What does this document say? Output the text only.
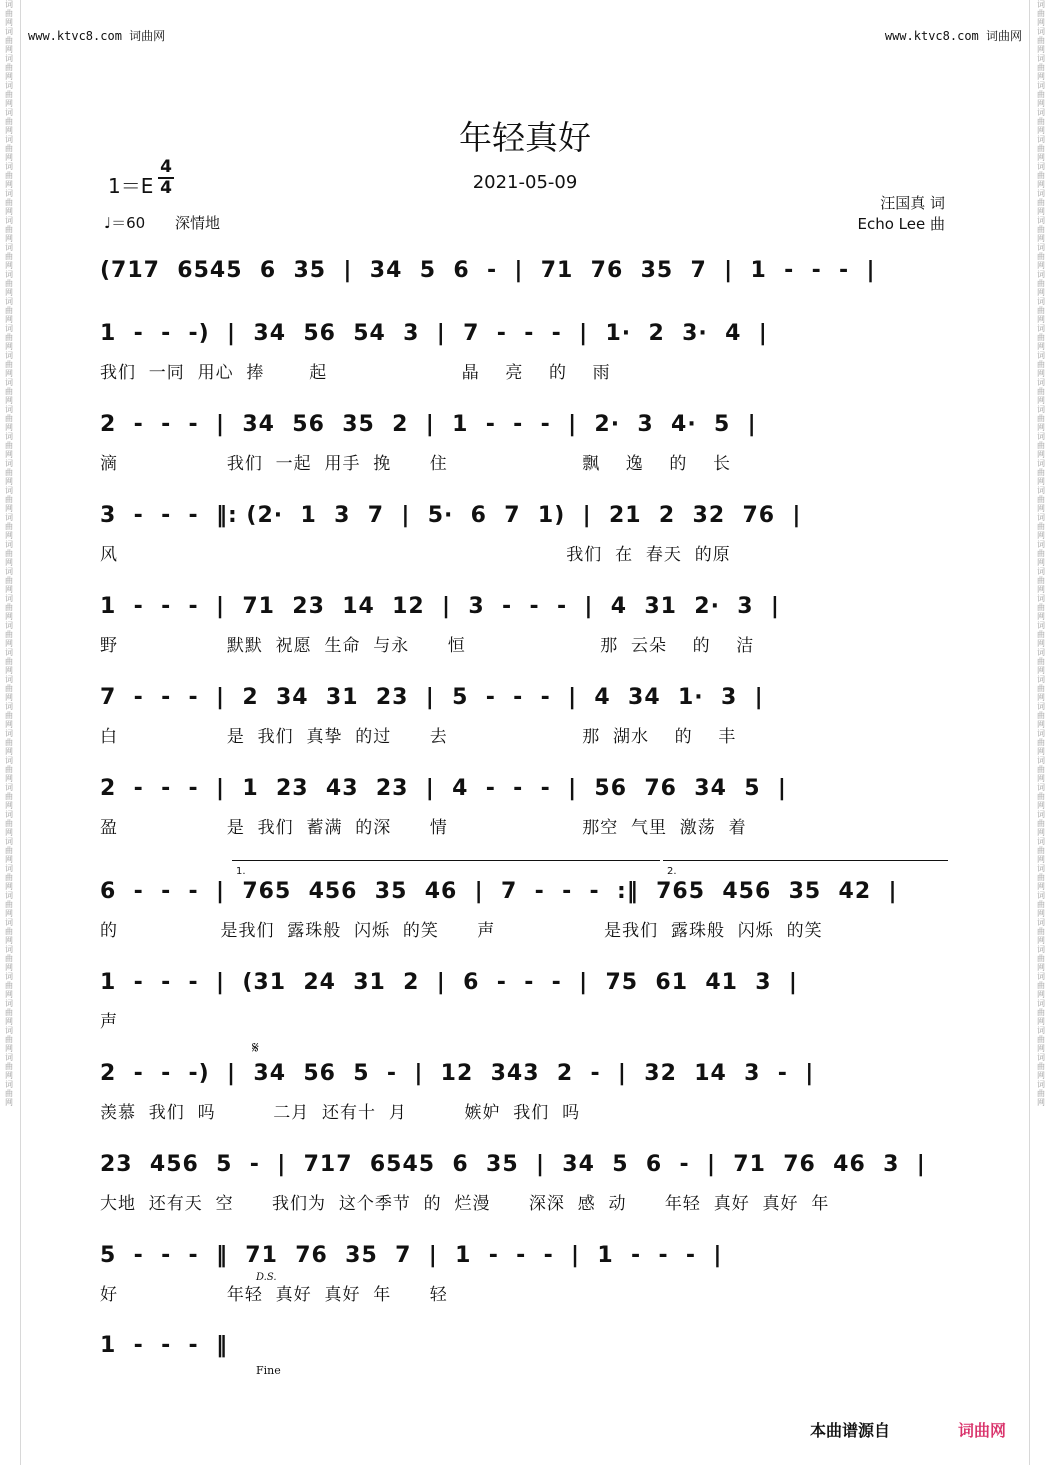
词曲网词曲网词曲网词曲网词曲网词曲网词曲网词曲网词曲网词曲网词曲网词曲网词曲网词曲网词曲网词曲网词曲网词曲网词曲网词曲网词曲网词曲网词曲网词曲网词曲网词曲网词曲网词曲网词曲网词曲网词曲网词曲网词曲网词曲网词曲网词曲网词曲网词曲网词曲网词曲网词曲网
词曲网词曲网词曲网词曲网词曲网词曲网词曲网词曲网词曲网词曲网词曲网词曲网词曲网词曲网词曲网词曲网词曲网词曲网词曲网词曲网词曲网词曲网词曲网词曲网词曲网词曲网词曲网词曲网词曲网词曲网词曲网词曲网词曲网词曲网词曲网词曲网词曲网词曲网词曲网词曲网词曲网
www.ktvc8.com 词曲网	www.ktvc8.com 词曲网
年轻真好
2021-05-09
1＝E
4
4
♩＝60 深情地
汪国真 词
Echo Lee 曲
(717  6545  6  35  |  34  5  6  -  |  71  76  35  7  |  1  -  -  -  |
1  -  -  -)  |  34  56  54  3  |  7  -  -  -  |  1·  2  3·  4  |
我们  一同  用心  捧       起                     晶    亮    的    雨
2  -  -  -  |  34  56  35  2  |  1  -  -  -  |  2·  3  4·  5  |
滴                 我们  一起  用手  挽      住                     飘    逸    的    长
3  -  -  -  ‖: (2·  1  3  7  |  5·  6  7  1)  |  21  2  32  76  |
风                                                                      我们  在  春天  的原
1  -  -  -  |  71  23  14  12  |  3  -  -  -  |  4  31  2·  3  |
野                 默默  祝愿  生命  与永      恒                     那  云朵    的    洁
7  -  -  -  |  2  34  31  23  |  5  -  -  -  |  4  34  1·  3  |
白                 是  我们  真挚  的过      去                     那  湖水    的    丰
2  -  -  -  |  1  23  43  23  |  4  -  -  -  |  56  76  34  5  |
盈                 是  我们  蓄满  的深      情                     那空  气里  激荡  着
6  -  -  -  |  765  456  35  46  |  7  -  -  -  :‖  765  456  35  42  |
的                是我们  露珠般  闪烁  的笑      声                 是我们  露珠般  闪烁  的笑
1  -  -  -  |  (31  24  31  2  |  6  -  -  -  |  75  61  41  3  |
声
2  -  -  -)  |  34  56  5  -  |  12  343  2  -  |  32  14  3  -  |
羡慕  我们  吗         二月  还有十  月         嫉妒  我们  吗
23  456  5  -  |  717  6545  6  35  |  34  5  6  -  |  71  76  46  3  |
大地  还有天  空      我们为  这个季节  的  烂漫      深深  感  动      年轻  真好  真好  年
5  -  -  -  ‖  71  76  35  7  |  1  -  -  -  |  1  -  -  -  |
好                 年轻  真好  真好  年      轻
1  -  -  -  ‖
1.	2.
𝄋
D.S.
Fine
本曲谱源自	词曲网
